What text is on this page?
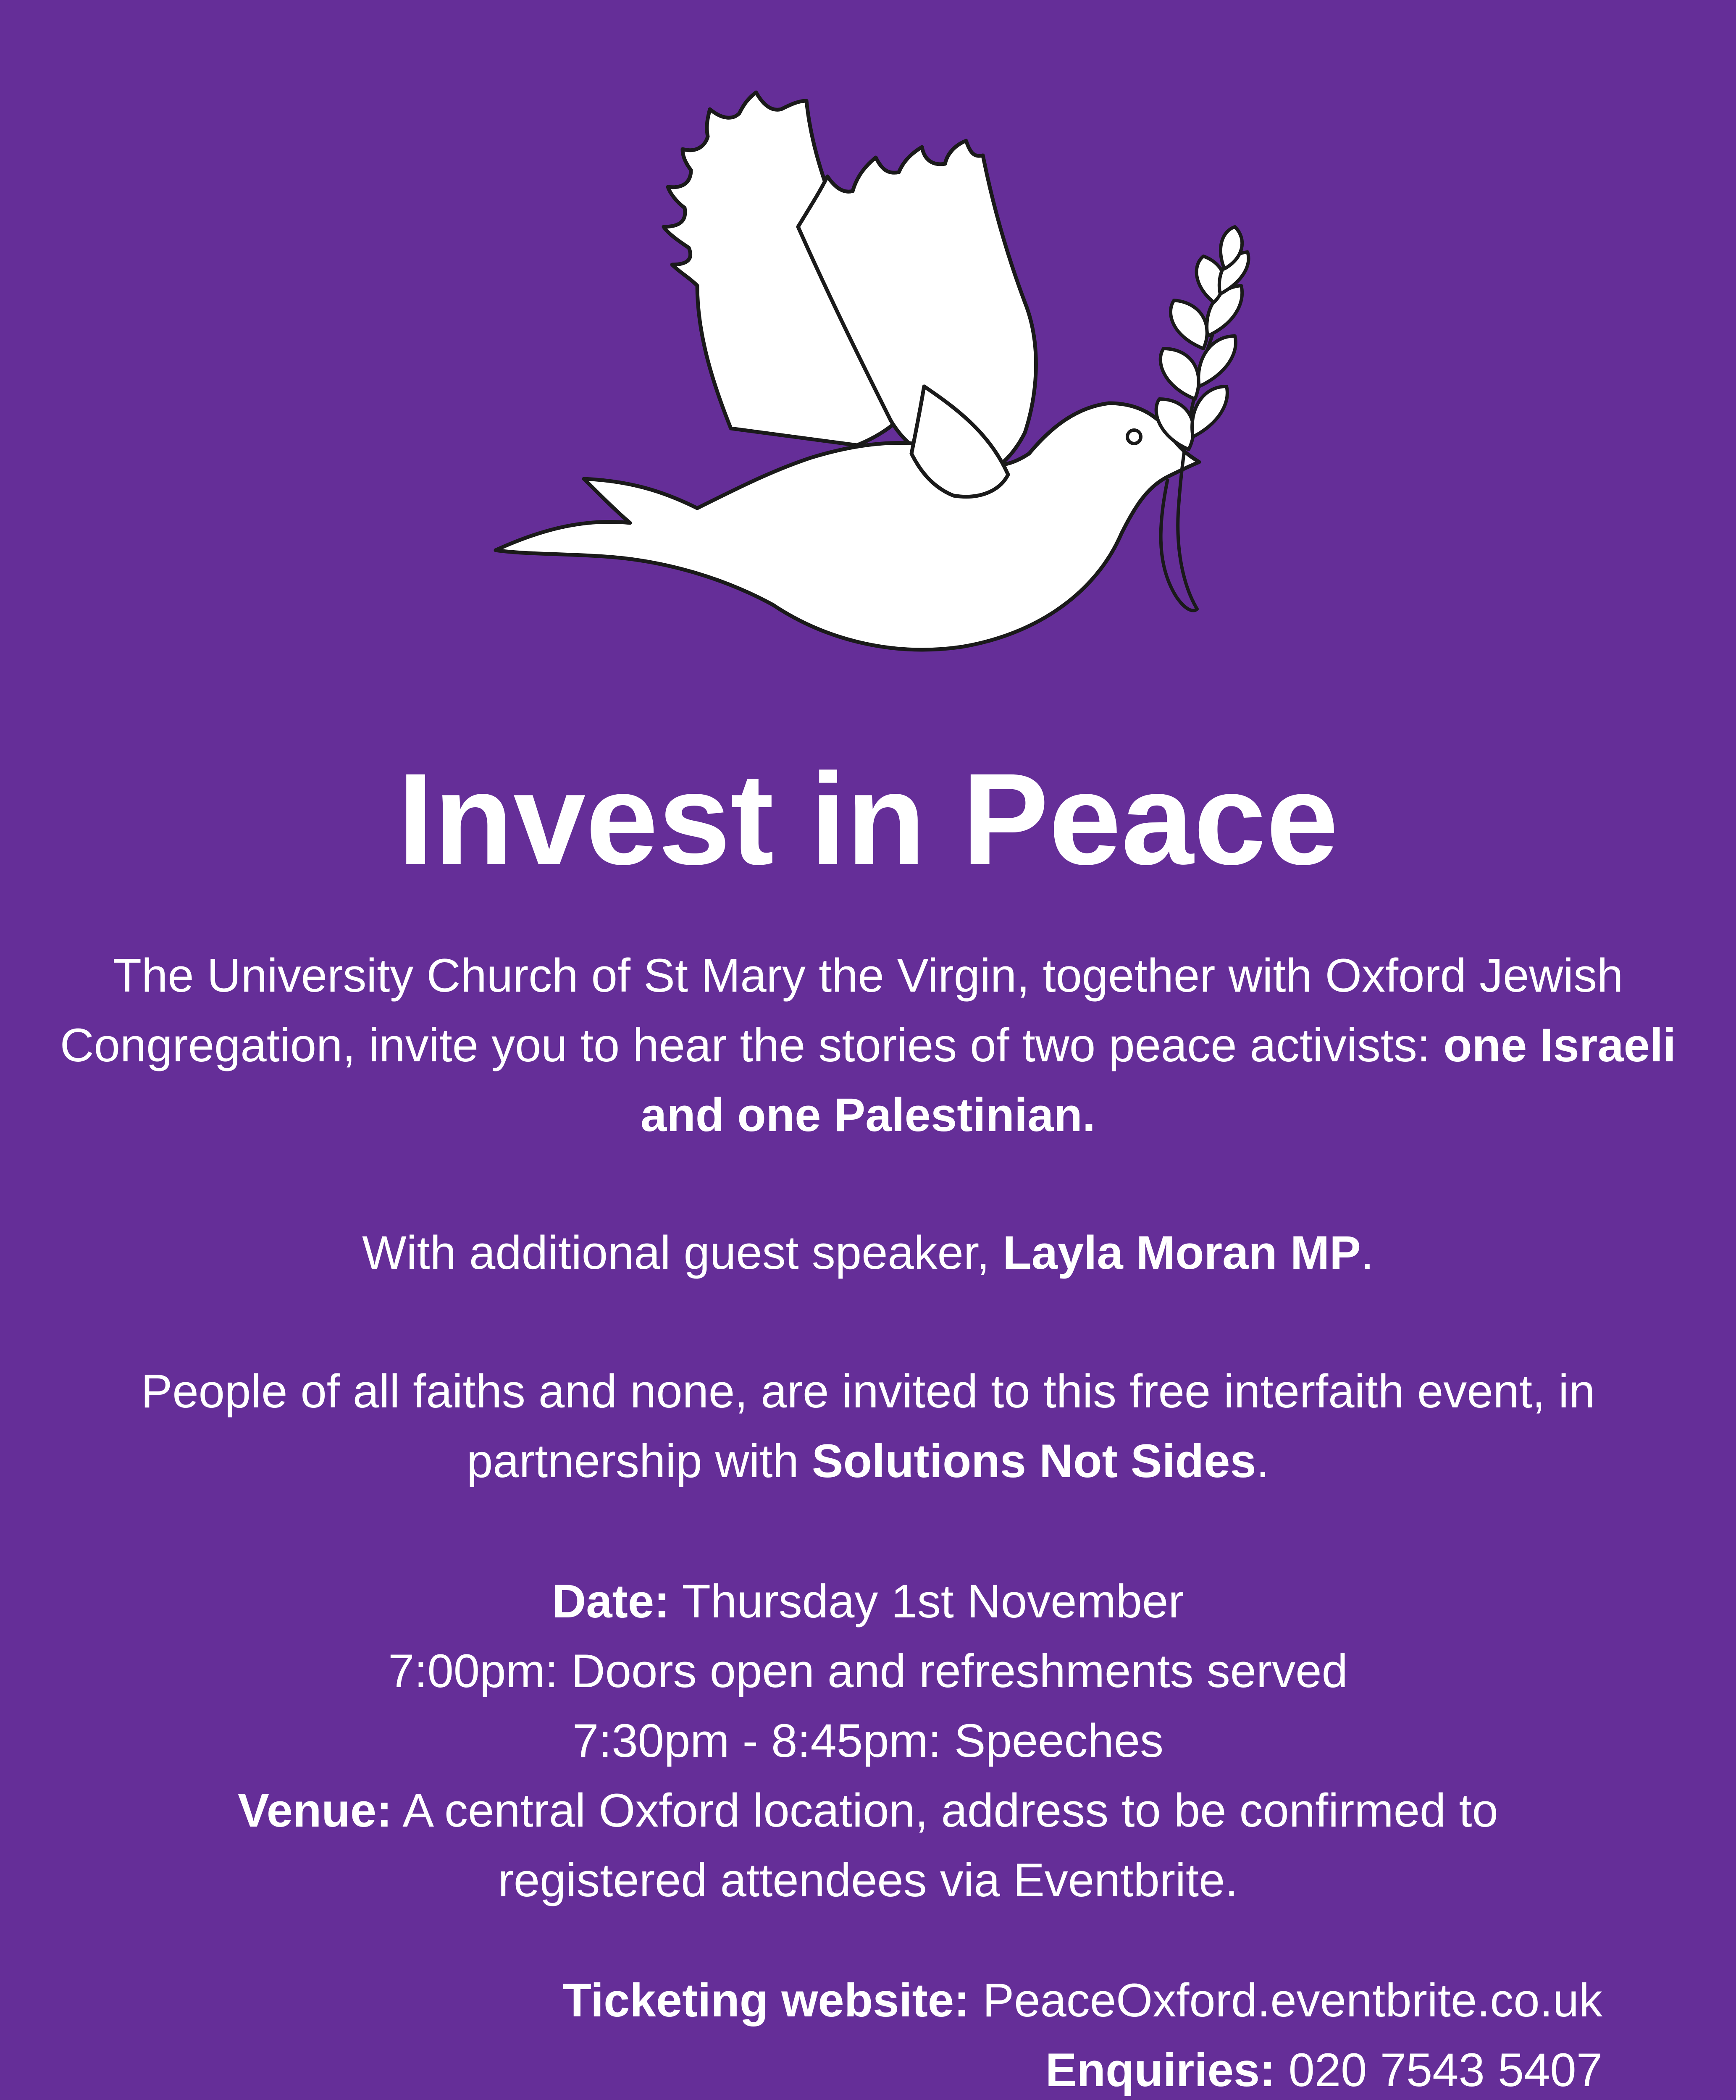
Invest in Peace

The University Church of St Mary the Virgin, together with Oxford Jewish Congregation, invite you to hear the stories of two peace activists: one Israeli and one Palestinian.

With additional guest speaker, Layla Moran MP.

People of all faiths and none, are invited to this free interfaith event, in partnership with Solutions Not Sides.

Date: Thursday 1st November
7:00pm: Doors open and refreshments served
7:30pm - 8:45pm: Speeches
Venue: A central Oxford location, address to be confirmed to registered attendees via Eventbrite.

Ticketing website: PeaceOxford.eventbrite.co.uk
Enquiries: 020 7543 5407
